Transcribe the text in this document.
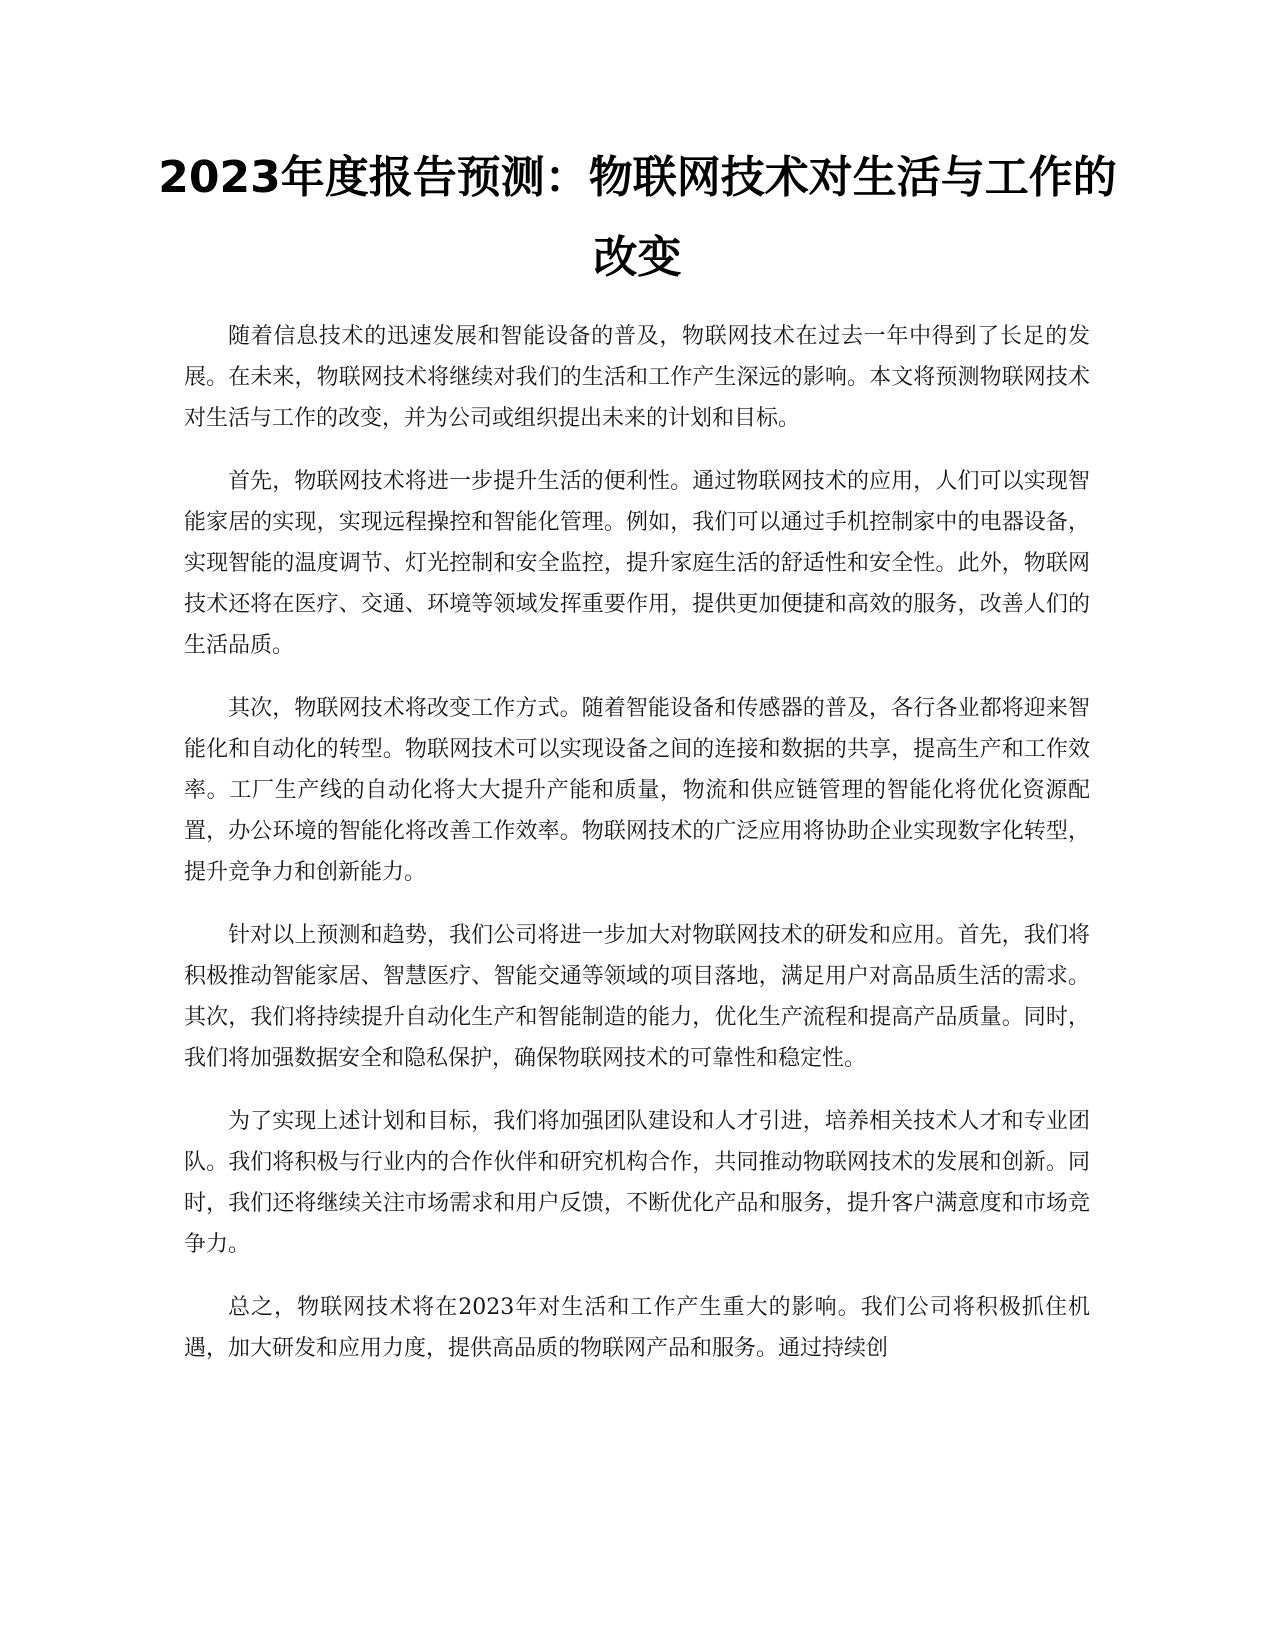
2023年度报告预测：物联网技术对生活与工作的改变

随着信息技术的迅速发展和智能设备的普及，物联网技术在过去一年中得到了长足的发展。在未来，物联网技术将继续对我们的生活和工作产生深远的影响。本文将预测物联网技术对生活与工作的改变，并为公司或组织提出未来的计划和目标。

首先，物联网技术将进一步提升生活的便利性。通过物联网技术的应用，人们可以实现智能家居的实现，实现远程操控和智能化管理。例如，我们可以通过手机控制家中的电器设备，实现智能的温度调节、灯光控制和安全监控，提升家庭生活的舒适性和安全性。此外，物联网技术还将在医疗、交通、环境等领域发挥重要作用，提供更加便捷和高效的服务，改善人们的生活品质。

其次，物联网技术将改变工作方式。随着智能设备和传感器的普及，各行各业都将迎来智能化和自动化的转型。物联网技术可以实现设备之间的连接和数据的共享，提高生产和工作效率。工厂生产线的自动化将大大提升产能和质量，物流和供应链管理的智能化将优化资源配置，办公环境的智能化将改善工作效率。物联网技术的广泛应用将协助企业实现数字化转型，提升竞争力和创新能力。

针对以上预测和趋势，我们公司将进一步加大对物联网技术的研发和应用。首先，我们将积极推动智能家居、智慧医疗、智能交通等领域的项目落地，满足用户对高品质生活的需求。其次，我们将持续提升自动化生产和智能制造的能力，优化生产流程和提高产品质量。同时，我们将加强数据安全和隐私保护，确保物联网技术的可靠性和稳定性。

为了实现上述计划和目标，我们将加强团队建设和人才引进，培养相关技术人才和专业团队。我们将积极与行业内的合作伙伴和研究机构合作，共同推动物联网技术的发展和创新。同时，我们还将继续关注市场需求和用户反馈，不断优化产品和服务，提升客户满意度和市场竞争力。

总之，物联网技术将在2023年对生活和工作产生重大的影响。我们公司将积极抓住机遇，加大研发和应用力度，提供高品质的物联网产品和服务。通过持续创
